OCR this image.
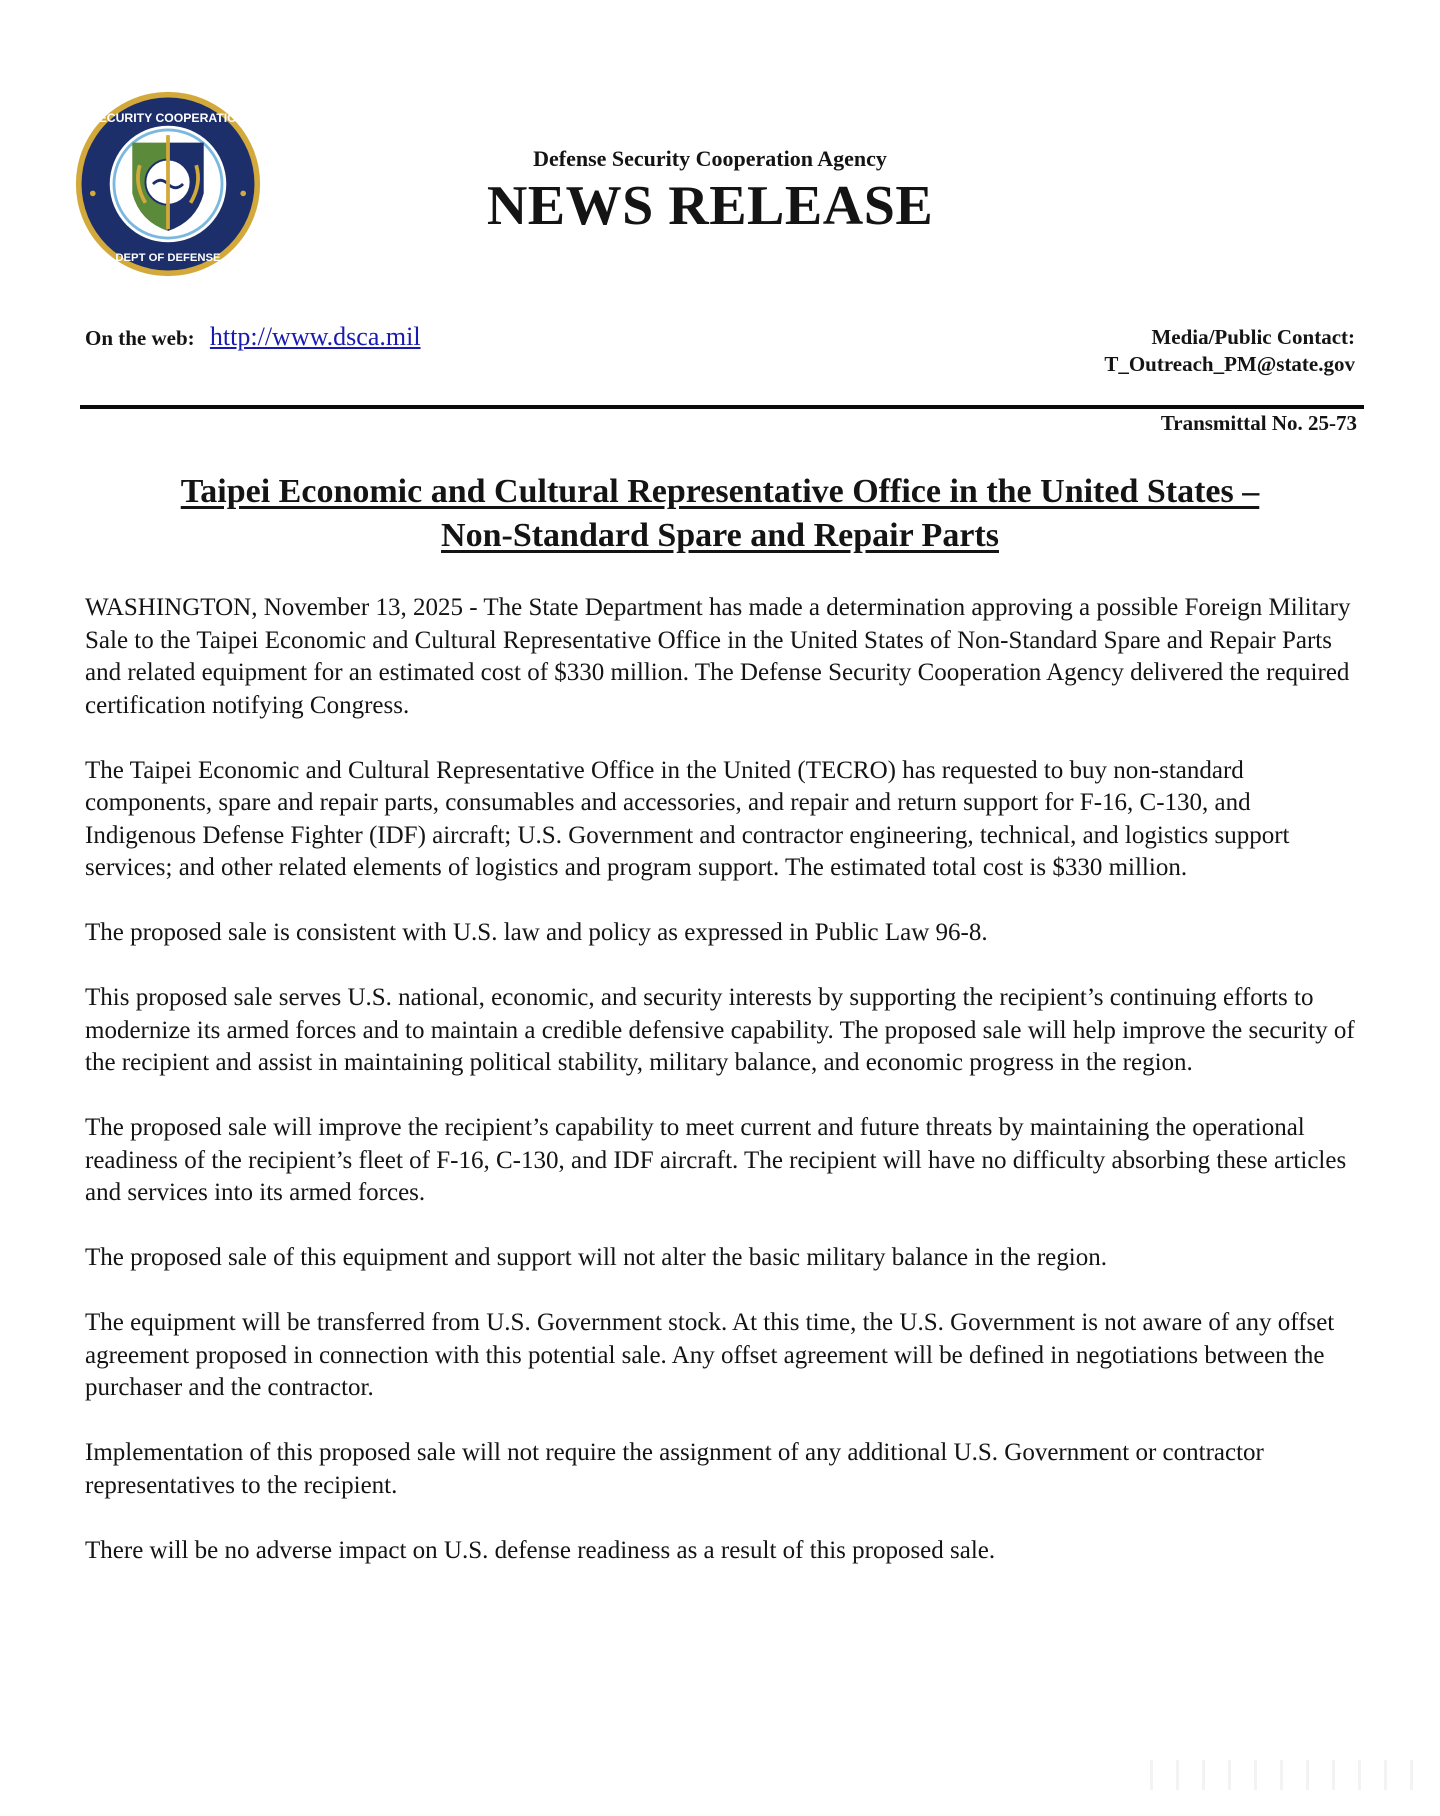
SECURITY COOPERATION
DEPT OF DEFENSE
Defense Security Cooperation Agency
NEWS RELEASE
On the web: http://www.dsca.mil	Media/Public Contact:
T_Outreach_PM@state.gov
Transmittal No. 25-73
Taipei Economic and Cultural Representative Office in the United States –
Non-Standard Spare and Repair Parts

WASHINGTON, November 13, 2025 - The State Department has made a determination approving a possible Foreign Military Sale to the Taipei Economic and Cultural Representative Office in the United States of Non-Standard Spare and Repair Parts and related equipment for an estimated cost of $330 million. The Defense Security Cooperation Agency delivered the required certification notifying Congress.

The Taipei Economic and Cultural Representative Office in the United (TECRO) has requested to buy non-standard components, spare and repair parts, consumables and accessories, and repair and return support for F-16, C-130, and Indigenous Defense Fighter (IDF) aircraft; U.S. Government and contractor engineering, technical, and logistics support services; and other related elements of logistics and program support. The estimated total cost is $330 million.

The proposed sale is consistent with U.S. law and policy as expressed in Public Law 96-8.

This proposed sale serves U.S. national, economic, and security interests by supporting the recipient’s continuing efforts to modernize its armed forces and to maintain a credible defensive capability. The proposed sale will help improve the security of the recipient and assist in maintaining political stability, military balance, and economic progress in the region.

The proposed sale will improve the recipient’s capability to meet current and future threats by maintaining the operational readiness of the recipient’s fleet of F-16, C-130, and IDF aircraft. The recipient will have no difficulty absorbing these articles and services into its armed forces.

The proposed sale of this equipment and support will not alter the basic military balance in the region.

The equipment will be transferred from U.S. Government stock. At this time, the U.S. Government is not aware of any offset agreement proposed in connection with this potential sale. Any offset agreement will be defined in negotiations between the purchaser and the contractor.

Implementation of this proposed sale will not require the assignment of any additional U.S. Government or contractor representatives to the recipient.

There will be no adverse impact on U.S. defense readiness as a result of this proposed sale.
